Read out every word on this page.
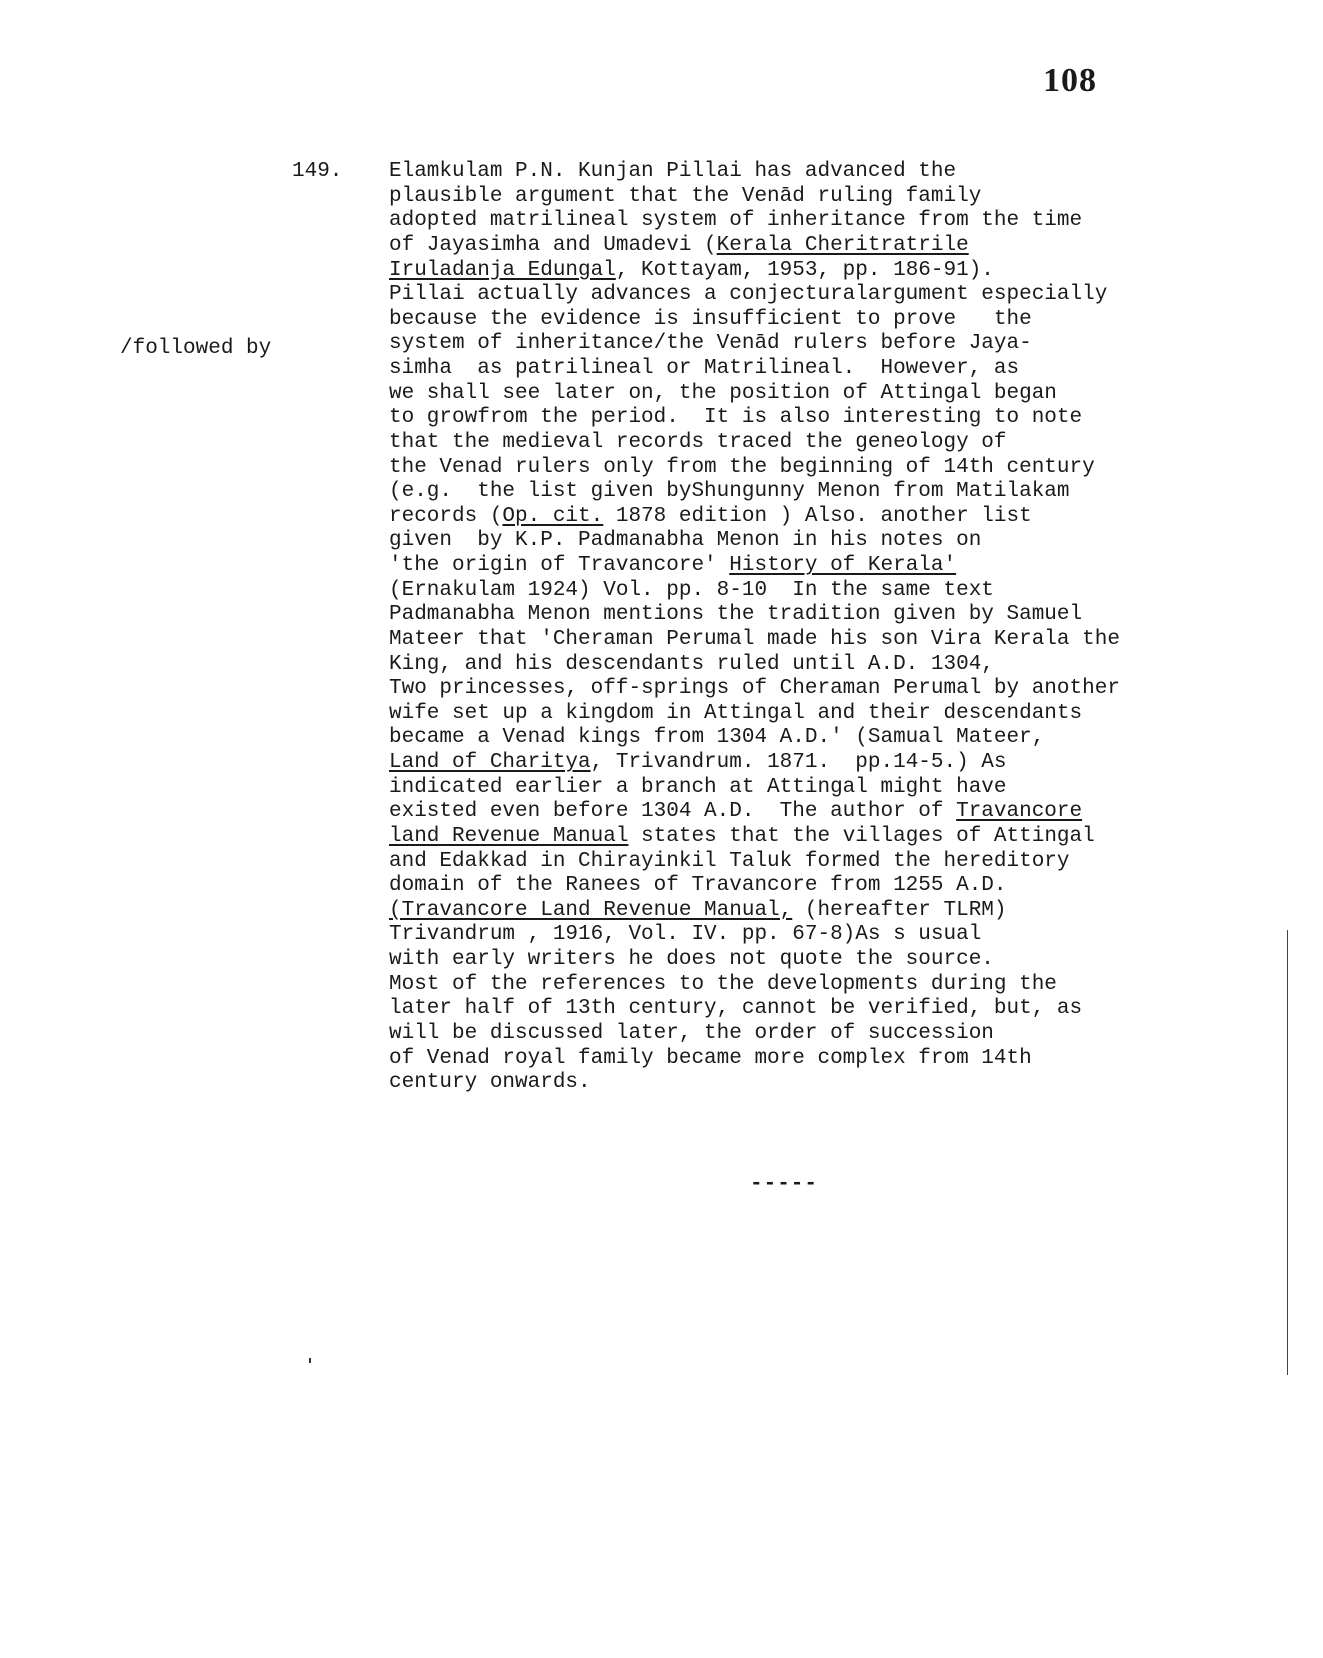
108
149.
/followed by
Elamkulam P.N. Kunjan Pillai has advanced the
plausible argument that the Venād ruling family
adopted matrilineal system of inheritance from the time
of Jayasimha and Umadevi (Kerala Cheritratrile
Iruladanja Edungal, Kottayam, 1953, pp. 186-91).
Pillai actually advances a conjecturalargument especially
because the evidence is insufficient to prove   the
system of inheritance/the Venād rulers before Jaya-
simha  as patrilineal or Matrilineal.  However, as
we shall see later on, the position of Attingal began
to growfrom the period.  It is also interesting to note
that the medieval records traced the geneology of
the Venad rulers only from the beginning of 14th century
(e.g.  the list given byShungunny Menon from Matilakam
records (Op. cit. 1878 edition ) Also. another list
given  by K.P. Padmanabha Menon in his notes on
'the origin of Travancore' History of Kerala'
(Ernakulam 1924) Vol. pp. 8-10  In the same text
Padmanabha Menon mentions the tradition given by Samuel
Mateer that 'Cheraman Perumal made his son Vira Kerala the
King, and his descendants ruled until A.D. 1304,
Two princesses, off-springs of Cheraman Perumal by another
wife set up a kingdom in Attingal and their descendants
became a Venad kings from 1304 A.D.' (Samual Mateer,
Land of Charitya, Trivandrum. 1871.  pp.14-5.) As
indicated earlier a branch at Attingal might have
existed even before 1304 A.D.  The author of Travancore
land Revenue Manual states that the villages of Attingal
and Edakkad in Chirayinkil Taluk formed the hereditory
domain of the Ranees of Travancore from 1255 A.D.
(Travancore Land Revenue Manual, (hereafter TLRM)
Trivandrum , 1916, Vol. IV. pp. 67-8)As s usual
with early writers he does not quote the source.
Most of the references to the developments during the
later half of 13th century, cannot be verified, but, as
will be discussed later, the order of succession
of Venad royal family became more complex from 14th
century onwards.
-----
